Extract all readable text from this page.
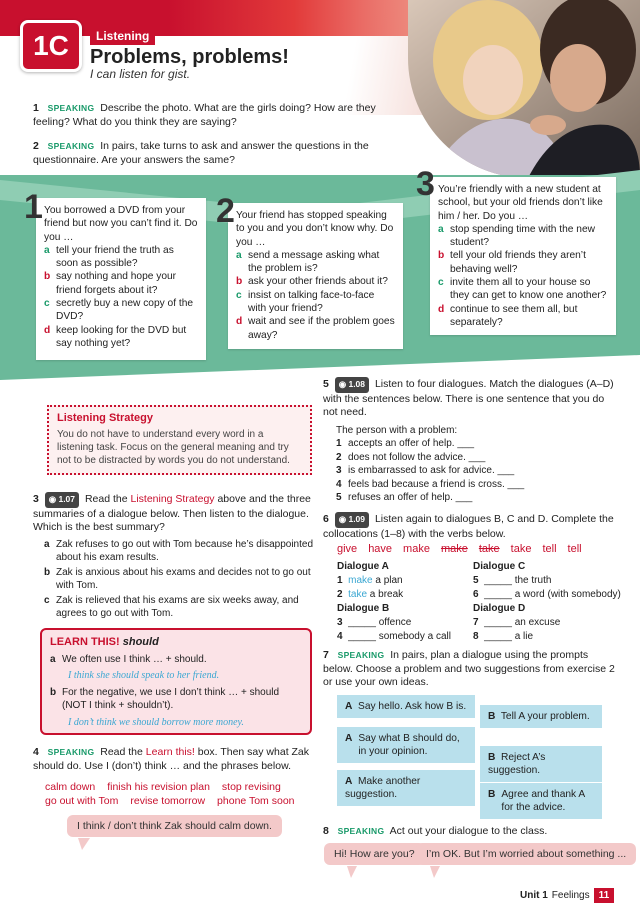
1C	Listening
Problems, problems!
I can listen for gist.
1 SPEAKING Describe the photo. What are the girls doing? How are they feeling? What do you think they are saying?
2 SPEAKING In pairs, take turns to ask and answer the questions in the questionnaire. Are your answers the same?
You borrowed a DVD from your friend but now you can’t find it. Do you …
a tell your friend the truth as soon as possible?
b say nothing and hope your friend forgets about it?
c secretly buy a new copy of the DVD?
d keep looking for the DVD but say nothing yet?
1	Your friend has stopped speaking to you and you don’t know why. Do you …
a send a message asking what the problem is?
b ask your other friends about it?
c insist on talking face-to-face with your friend?
d wait and see if the problem goes away?
2
You’re friendly with a new student at school, but your old friends don’t like him / her. Do you …
a stop spending time with the new student?
b tell your old friends they aren’t behaving well?
c invite them all to your house so they can get to know one another?
d continue to see them all, but separately?
3
Listening Strategy
You do not have to understand every word in a listening task. Focus on the general meaning and try not to be distracted by words you do not understand.
3 ◉ 1.07 Read the Listening Strategy above and the three summaries of a dialogue below. Then listen to the dialogue. Which is the best summary?
a Zak refuses to go out with Tom because he’s disappointed about his exam results.
b Zak is anxious about his exams and decides not to go out with Tom.
c Zak is relieved that his exams are six weeks away, and agrees to go out with Tom.
LEARN THIS! should
a We often use I think … + should.
I think she should speak to her friend.
b For the negative, we use I don’t think … + should
(NOT I think + shouldn’t).
I don’t think we should borrow more money.
4 SPEAKING Read the Learn this! box. Then say what Zak should do. Use I (don’t) think … and the phrases below.
calm down finish his revision plan stop revising
go out with Tom revise tomorrow phone Tom soon
I think / don’t think Zak should calm down.
5 ◉ 1.08 Listen to four dialogues. Match the dialogues (A–D) with the sentences below. There is one sentence that you do not need.
The person with a problem:
1 accepts an offer of help. ___
2 does not follow the advice. ___
3 is embarrassed to ask for advice. ___
4 feels bad because a friend is cross. ___
5 refuses an offer of help. ___
6 ◉ 1.09 Listen again to dialogues B, C and D. Complete the collocations (1–8) with the verbs below.
give have make make take take tell tell
Dialogue A
1 make a plan
2 take a break
Dialogue B
3 _____ offence
4 _____ somebody a call
Dialogue C
5 _____ the truth
6 _____ a word (with somebody)
Dialogue D
7 _____ an excuse
8 _____ a lie
7 SPEAKING In pairs, plan a dialogue using the prompts below. Choose a problem and two suggestions from exercise 2 or use your own ideas.
A Say hello. Ask how B is.
B Tell A your problem.
A Say what B should do, in your opinion.
B Reject A’s suggestion.
A Make another suggestion.	B Agree and thank A for the advice.
8 SPEAKING Act out your dialogue to the class.
Hi! How are you?	I’m OK. But I’m worried about something ...
Unit 1 Feelings 11
